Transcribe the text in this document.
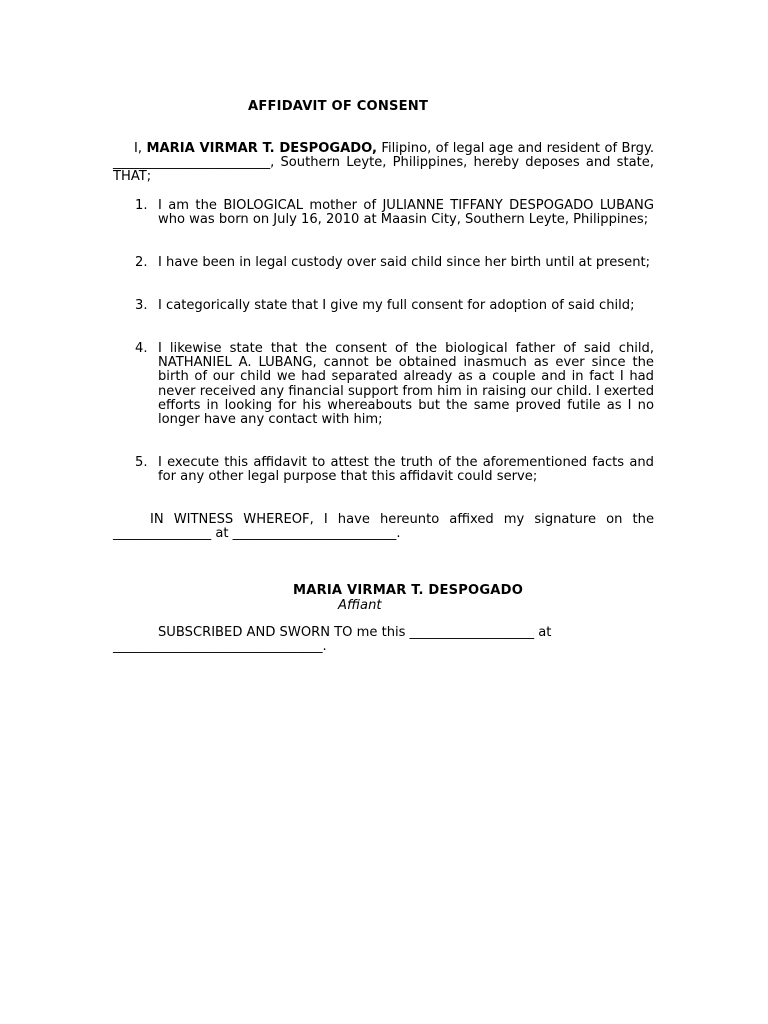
AFFIDAVIT OF CONSENT
I, MARIA VIRMAR T. DESPOGADO, Filipino, of legal age and resident of Brgy. ________________________, Southern Leyte, Philippines, hereby deposes and state, THAT;
1. I am the BIOLOGICAL mother of JULIANNE TIFFANY DESPOGADO LUBANG who was born on July 16, 2010 at Maasin City, Southern Leyte, Philippines;
2. I have been in legal custody over said child since her birth until at present;
3. I categorically state that I give my full consent for adoption of said child;
4. I likewise state that the consent of the biological father of said child, NATHANIEL A. LUBANG, cannot be obtained inasmuch as ever since the birth of our child we had separated already as a couple and in fact I had never received any financial support from him in raising our child. I exerted efforts in looking for his whereabouts but the same proved futile as I no longer have any contact with him;
5. I execute this affidavit to attest the truth of the aforementioned facts and for any other legal purpose that this affidavit could serve;
IN WITNESS WHEREOF, I have hereunto affixed my signature on the _______________ at _________________________.
MARIA VIRMAR T. DESPOGADO
Affiant
SUBSCRIBED AND SWORN TO me this ___________________ at ________________________________.
